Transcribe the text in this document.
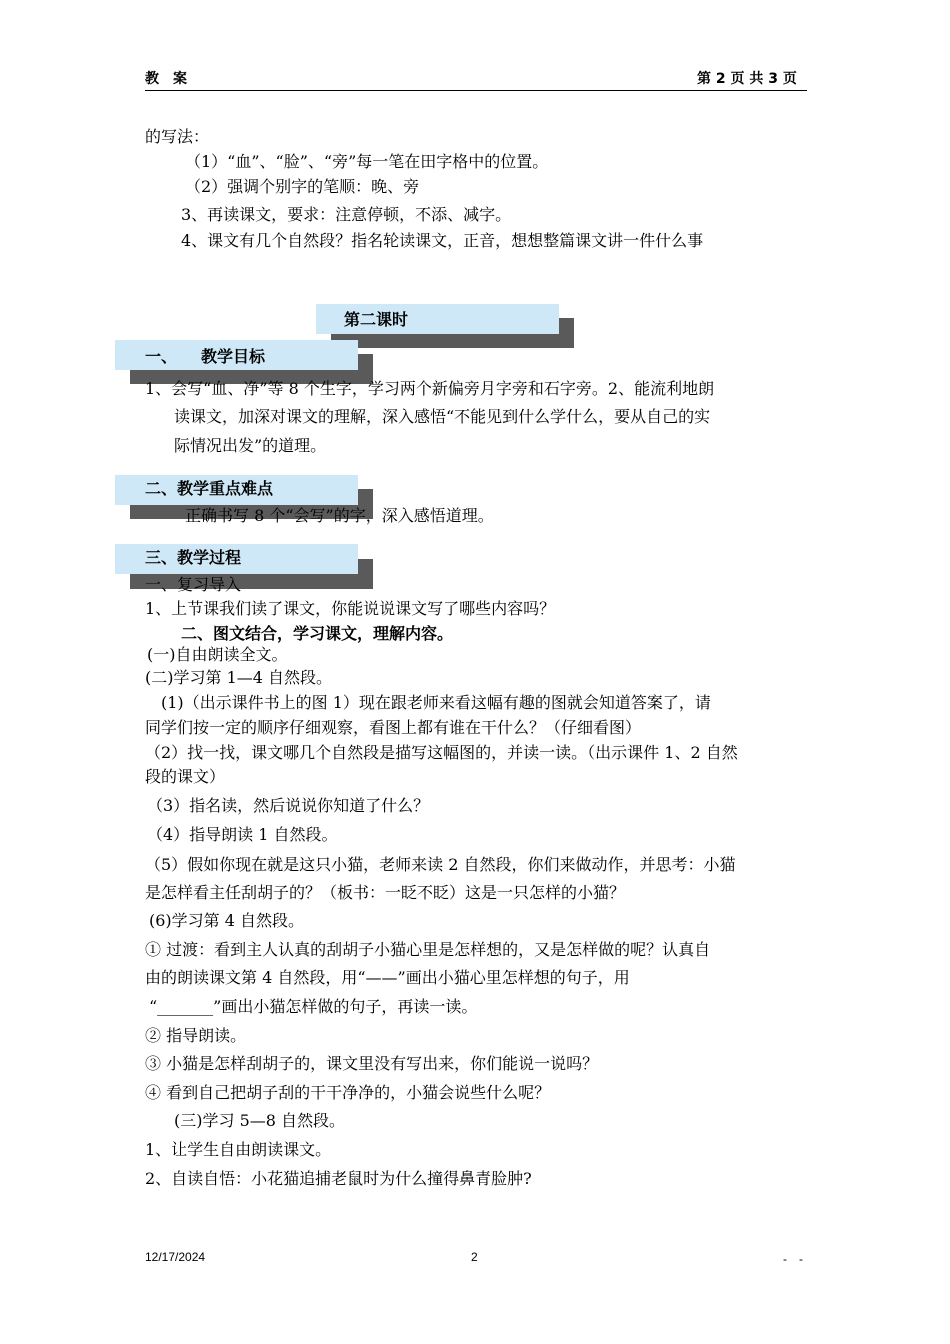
教　案	第 2 页 共 3 页
的写法：
（1）“血”、“脸”、“旁”每一笔在田字格中的位置。
（2）强调个别字的笔顺：晚、旁
3、再读课文，要求：注意停顿，不添、减字。
4、课文有几个自然段？指名轮读课文，正音，想想整篇课文讲一件什么事
第二课时
一、　　教学目标
1、会写“血、净”等 8 个生字，学习两个新偏旁月字旁和石字旁。2、能流利地朗
读课文，加深对课文的理解，深入感悟“不能见到什么学什么，要从自己的实
际情况出发”的道理。
二、教学重点难点
正确书写 8 个“会写”的字，深入感悟道理。
三、教学过程
一、复习导入
1、上节课我们读了课文，你能说说课文写了哪些内容吗？
二、图文结合，学习课文，理解内容。
(一)自由朗读全文。
(二)学习第 1—4 自然段。
(1)（出示课件书上的图 1）现在跟老师来看这幅有趣的图就会知道答案了，请
同学们按一定的顺序仔细观察，看图上都有谁在干什么？（仔细看图）
（2）找一找，课文哪几个自然段是描写这幅图的，并读一读。（出示课件 1、2 自然
段的课文）
（3）指名读，然后说说你知道了什么？
（4）指导朗读 1 自然段。
（5）假如你现在就是这只小猫，老师来读 2 自然段，你们来做动作，并思考：小猫
是怎样看主任刮胡子的？（板书：一眨不眨）这是一只怎样的小猫？
(6)学习第 4 自然段。
① 过渡：看到主人认真的刮胡子小猫心里是怎样想的，又是怎样做的呢？认真自
由的朗读课文第 4 自然段，用“——”画出小猫心里怎样想的句子，用
“_______”画出小猫怎样做的句子，再读一读。
② 指导朗读。
③ 小猫是怎样刮胡子的，课文里没有写出来，你们能说一说吗？
④ 看到自己把胡子刮的干干净净的，小猫会说些什么呢？
(三)学习 5—8 自然段。
1、让学生自由朗读课文。
2、自读自悟：小花猫追捕老鼠时为什么撞得鼻青脸肿?
12/17/2024	2	-　-
